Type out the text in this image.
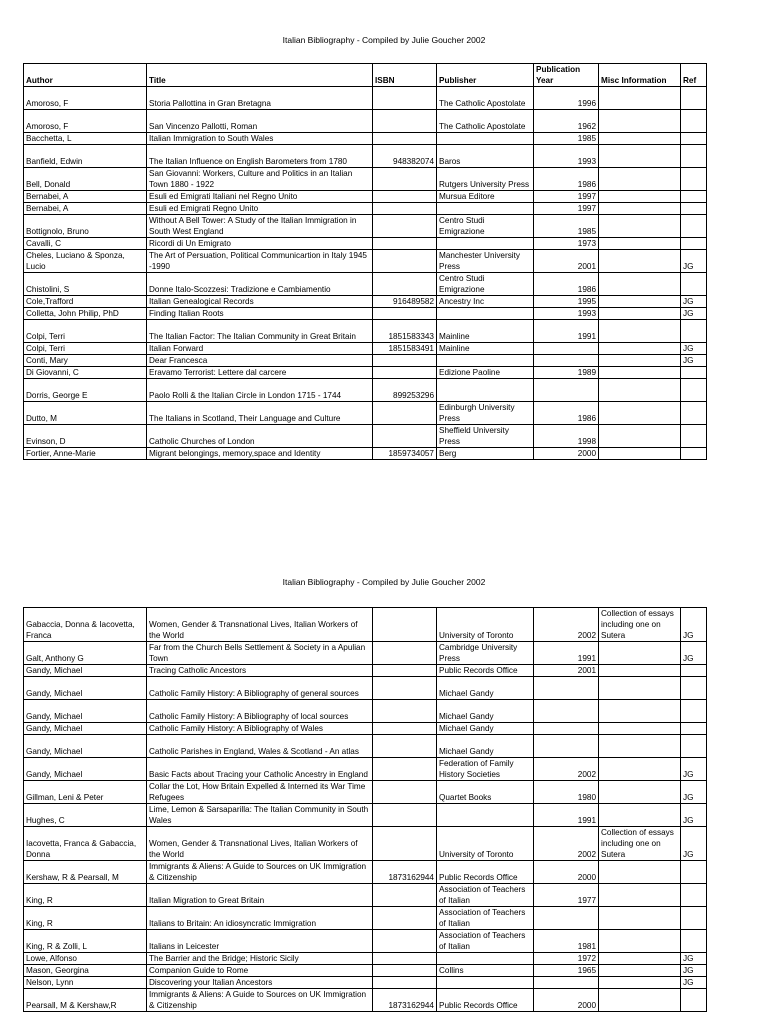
Italian Bibliography - Compiled by Julie Goucher 2002
Author	Title	ISBN	Publisher	Publication Year	Misc Information	Ref
Amoroso, F	Storia Pallottina in Gran Bretagna		The Catholic Apostolate	1996		
Amoroso, F	San Vincenzo Pallotti, Roman		The Catholic Apostolate	1962		
Bacchetta, L	Italian Immigration to South Wales			1985		
Banfield, Edwin	The Italian Influence on English Barometers from 1780	948382074	Baros	1993		
Bell, Donald	San Giovanni: Workers, Culture and Politics in an Italian Town 1880 - 1922		Rutgers University Press	1986		
Bernabei, A	Esuli ed Emigrati Italiani nel Regno Unito		Mursua Editore	1997		
Bernabei, A	Esuli ed Emigrati Regno Unito			1997		
Bottignolo, Bruno	Without A Bell Tower: A Study of the Italian Immigration in South West England		Centro Studi Emigrazione	1985		
Cavalli, C	Ricordi di Un Emigrato			1973		
Cheles, Luciano & Sponza, Lucio	The Art of Persuation, Political Communicartion in Italy 1945 -1990		Manchester University Press	2001		JG
Chistolini, S	Donne Italo-Scozzesi: Tradizione e Cambiamentio		Centro Studi Emigrazione	1986		
Cole,Trafford	Italian Genealogical Records	916489582	Ancestry Inc	1995		JG
Colletta, John Philip, PhD	Finding Italian Roots			1993		JG
Colpi, Terri	The Italian Factor: The Italian Community in Great Britain	1851583343	Mainline	1991		
Colpi, Terri	Italian Forward	1851583491	Mainline			JG
Conti, Mary	Dear Francesca					JG
Di Giovanni, C	Eravamo Terrorist: Lettere dal carcere		Edizione Paoline	1989		
Dorris, George E	Paolo Rolli & the Italian Circle in London 1715 - 1744	899253296				
Dutto, M	The Italians in Scotland, Their Language and Culture		Edinburgh University Press	1986		
Evinson, D	Catholic Churches of London		Sheffield University Press	1998		
Fortier, Anne-Marie	Migrant belongings, memory,space and Identity	1859734057	Berg	2000		
Italian Bibliography - Compiled by Julie Goucher 2002
Gabaccia, Donna & Iacovetta, Franca	Women, Gender & Transnational Lives, Italian Workers of the World		University of Toronto	2002	Collection of essays including one on Sutera	JG
Galt, Anthony G	Far from the Church Bells Settlement & Society in a Apulian Town		Cambridge University Press	1991		JG
Gandy, Michael	Tracing Catholic Ancestors		Public Records Office	2001		
Gandy, Michael	Catholic Family History: A Bibliography of general sources		Michael Gandy			
Gandy, Michael	Catholic Family History: A Bibliography of local sources		Michael Gandy			
Gandy, Michael	Catholic Family History: A Bibliography of Wales		Michael Gandy			
Gandy, Michael	Catholic Parishes in England, Wales & Scotland - An atlas		Michael Gandy			
Gandy, Michael	Basic Facts about Tracing your Catholic Ancestry in England		Federation of Family History Societies	2002		JG
Gillman, Leni & Peter	Collar the Lot, How Britain Expelled & Interned its War Time Refugees		Quartet Books	1980		JG
Hughes, C	Lime, Lemon & Sarsaparilla: The Italian Community in South Wales			1991		JG
Iacovetta, Franca & Gabaccia, Donna	Women, Gender & Transnational Lives, Italian Workers of the World		University of Toronto	2002	Collection of essays including one on Sutera	JG
Kershaw, R & Pearsall, M	Immigrants & Aliens: A Guide to Sources on UK Immigration & Citizenship	1873162944	Public Records Office	2000		
King, R	Italian Migration to Great Britain		Association of Teachers of Italian	1977		
King, R	Italians to Britain: An idiosyncratic Immigration		Association of Teachers of Italian			
King, R & Zolli, L	Italians in Leicester		Association of Teachers of Italian	1981		
Lowe, Alfonso	The Barrier and the Bridge; Historic Sicily			1972		JG
Mason, Georgina	Companion Guide to Rome		Collins	1965		JG
Nelson, Lynn	Discovering your Italian Ancestors					JG
Pearsall, M & Kershaw,R	Immigrants & Aliens: A Guide to Sources on UK Immigration & Citizenship	1873162944	Public Records Office	2000		
